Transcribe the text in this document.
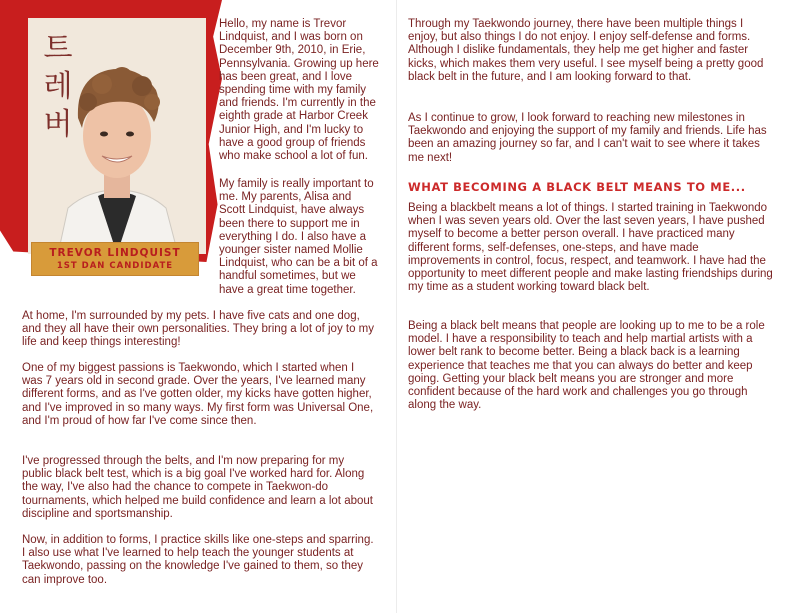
트
레
버
TREVOR LINDQUIST
1ST DAN CANDIDATE

Hello, my name is Trevor Lindquist, and I was born on December 9th, 2010, in Erie, Pennsylvania. Growing up here has been great, and I love spending time with my family and friends. I'm currently in the eighth grade at Harbor Creek Junior High, and I'm lucky to have a good group of friends who make school a lot of fun.

My family is really important to me. My parents, Alisa and Scott Lindquist, have always been there to support me in everything I do. I also have a younger sister named Mollie Lindquist, who can be a bit of a handful sometimes, but we have a great time together.

At home, I'm surrounded by my pets. I have five cats and one dog, and they all have their own personalities. They bring a lot of joy to my life and keep things interesting!

One of my biggest passions is Taekwondo, which I started when I was 7 years old in second grade. Over the years, I've learned many different forms, and as I've gotten older, my kicks have gotten higher, and I've improved in so many ways. My first form was Universal One, and I'm proud of how far I've come since then.

I've progressed through the belts, and I'm now preparing for my public black belt test, which is a big goal I've worked hard for. Along the way, I've also had the chance to compete in Taekwon-do tournaments, which helped me build confidence and learn a lot about discipline and sportsmanship.

Now, in addition to forms, I practice skills like one-steps and sparring. I also use what I've learned to help teach the younger students at Taekwondo, passing on the knowledge I've gained to them, so they can improve too.

Through my Taekwondo journey, there have been multiple things I enjoy, but also things I do not enjoy. I enjoy self-defense and forms. Although I dislike fundamentals, they help me get higher and faster kicks, which makes them very useful. I see myself being a pretty good black belt in the future, and I am looking forward to that.

As I continue to grow, I look forward to reaching new milestones in Taekwondo and enjoying the support of my family and friends. Life has been an amazing journey so far, and I can't wait to see where it takes me next!

WHAT BECOMING A BLACK BELT MEANS TO ME...

Being a blackbelt means a lot of things. I started training in Taekwondo when I was seven years old. Over the last seven years, I have pushed myself to become a better person overall. I have practiced many different forms, self-defenses, one-steps, and have made improvements in control, focus, respect, and teamwork. I have had the opportunity to meet different people and make lasting friendships during my time as a student working toward black belt.

Being a black belt means that people are looking up to me to be a role model. I have a responsibility to teach and help martial artists with a lower belt rank to become better. Being a black back is a learning experience that teaches me that you can always do better and keep going. Getting your black belt means you are stronger and more confident because of the hard work and challenges you go through along the way.
